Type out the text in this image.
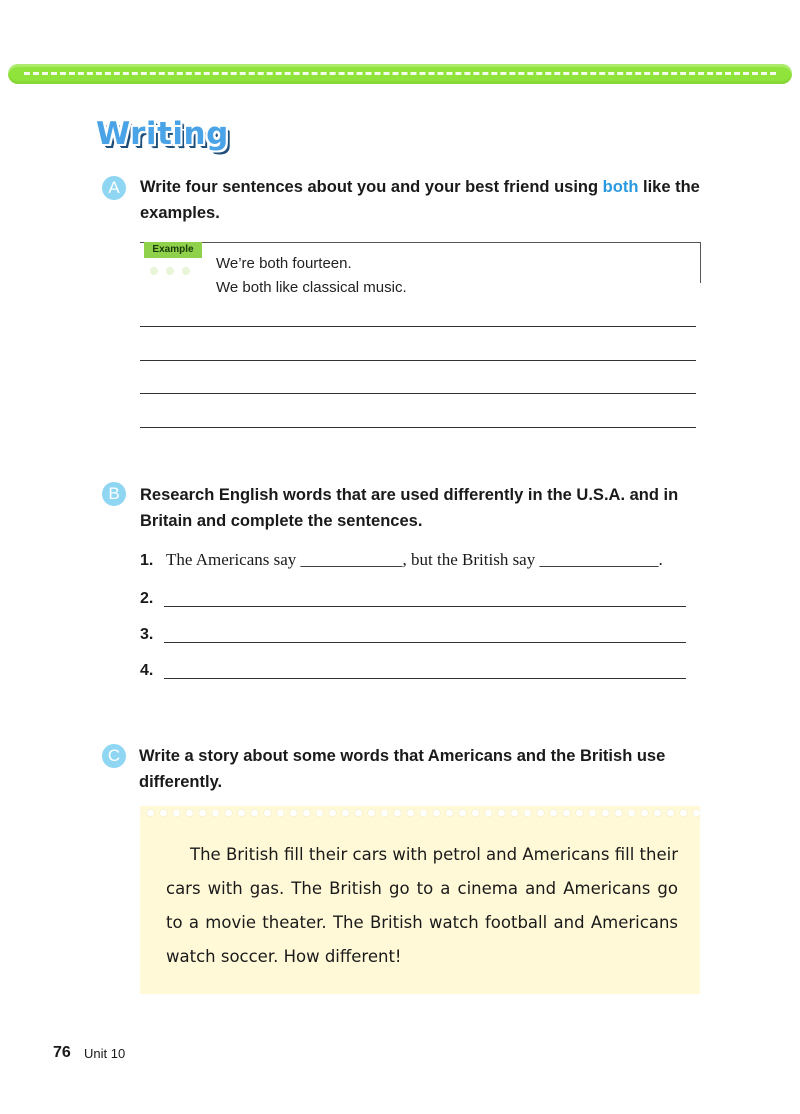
Writing
A	Write four sentences about you and your best friend using both like the examples.

Example

We’re both fourteen.

We both like classical music.

B	Research English words that are used differently in the U.S.A. and in Britain and complete the sentences.

1. The Americans say ____________, but the British say ______________.

2.
3.
4.
C	Write a story about some words that Americans and the British use differently.

The British fill their cars with petrol and Americans fill their cars with gas. The British go to a cinema and Americans go to a movie theater. The British watch football and Americans watch soccer. How different!

76 Unit 10
